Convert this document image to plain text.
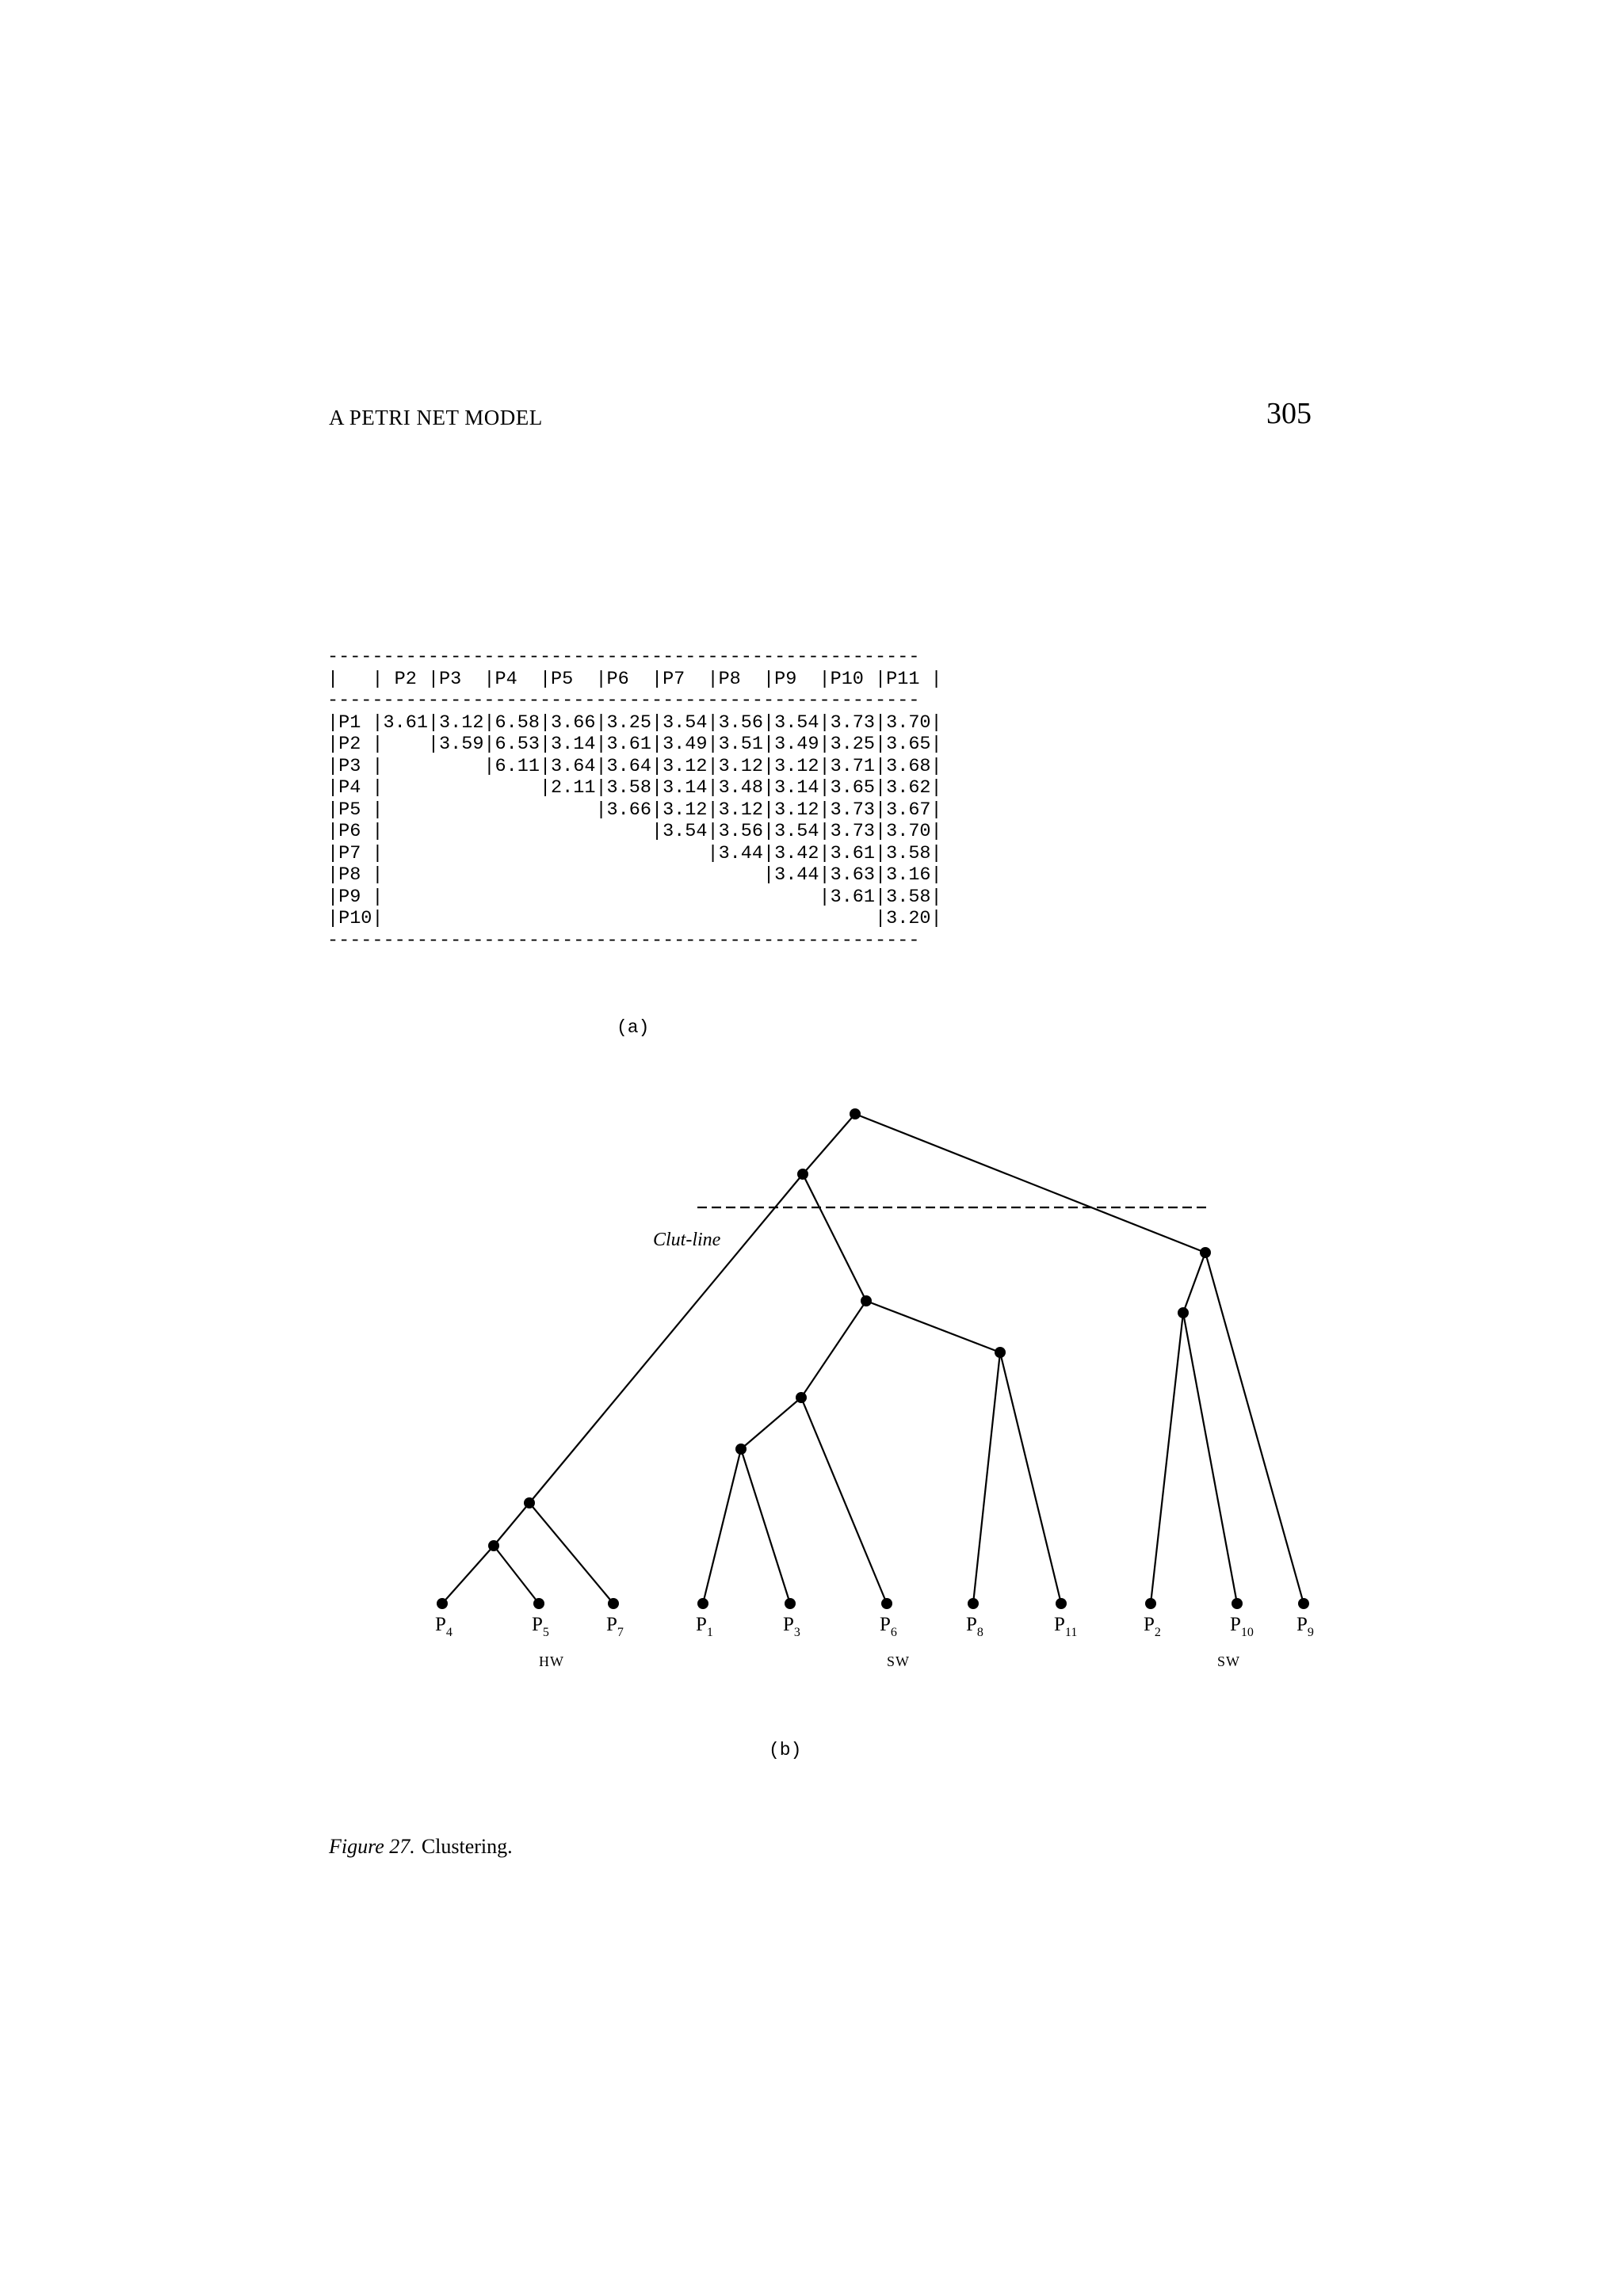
A PETRI NET MODEL	305
-----------------------------------------------------
|   | P2 |P3  |P4  |P5  |P6  |P7  |P8  |P9  |P10 |P11 |
-----------------------------------------------------
|P1 |3.61|3.12|6.58|3.66|3.25|3.54|3.56|3.54|3.73|3.70|
|P2 |    |3.59|6.53|3.14|3.61|3.49|3.51|3.49|3.25|3.65|
|P3 |         |6.11|3.64|3.64|3.12|3.12|3.12|3.71|3.68|
|P4 |              |2.11|3.58|3.14|3.48|3.14|3.65|3.62|
|P5 |                   |3.66|3.12|3.12|3.12|3.73|3.67|
|P6 |                        |3.54|3.56|3.54|3.73|3.70|
|P7 |                             |3.44|3.42|3.61|3.58|
|P8 |                                  |3.44|3.63|3.16|
|P9 |                                       |3.61|3.58|
|P10|                                            |3.20|
-----------------------------------------------------
(a)
Clut-line
$P_4$	$P_5$	$P_7$	$P_1$	$P_3$	$P_6$	$P_8$	$P_{11}$	$P_2$	$P_{10}$ $P_9$
HW	SW	SW
(b)
Figure 27. Clustering.
